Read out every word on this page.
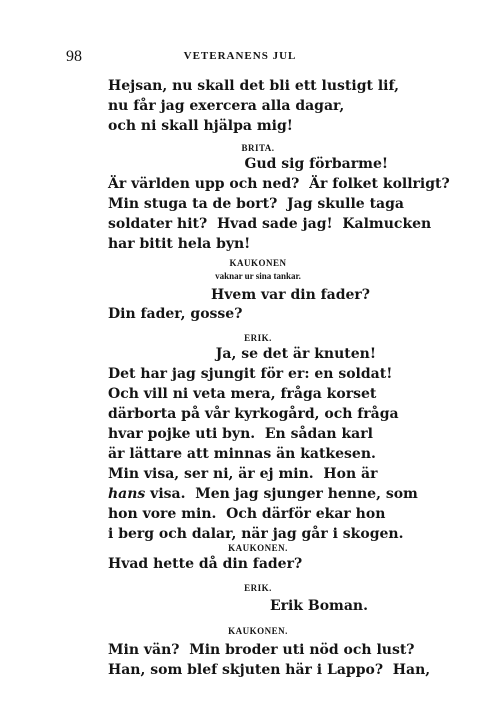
98	VETERANENS JUL
Hejsan, nu skall det bli ett lustigt lif,
nu får jag exercera alla dagar,
och ni skall hjälpa mig!
BRITA.
Gud sig förbarme!
Är världen upp och ned?  Är folket kollrigt?
Min stuga ta de bort?  Jag skulle taga
soldater hit?  Hvad sade jag!  Kalmucken
har bitit hela byn!
KAUKONEN
vaknar ur sina tankar.
Hvem var din fader?
Din fader, gosse?
ERIK.
Ja, se det är knuten!
Det har jag sjungit för er: en soldat!
Och vill ni veta mera, fråga korset
därborta på vår kyrkogård, och fråga
hvar pojke uti byn.  En sådan karl
är lättare att minnas än katkesen.
Min visa, ser ni, är ej min.  Hon är
hans visa.  Men jag sjunger henne, som
hon vore min.  Och därför ekar hon
i berg och dalar, när jag går i skogen.
KAUKONEN.
Hvad hette då din fader?
ERIK.
Erik Boman.
KAUKONEN.
Min vän?  Min broder uti nöd och lust?
Han, som blef skjuten här i Lappo?  Han,
